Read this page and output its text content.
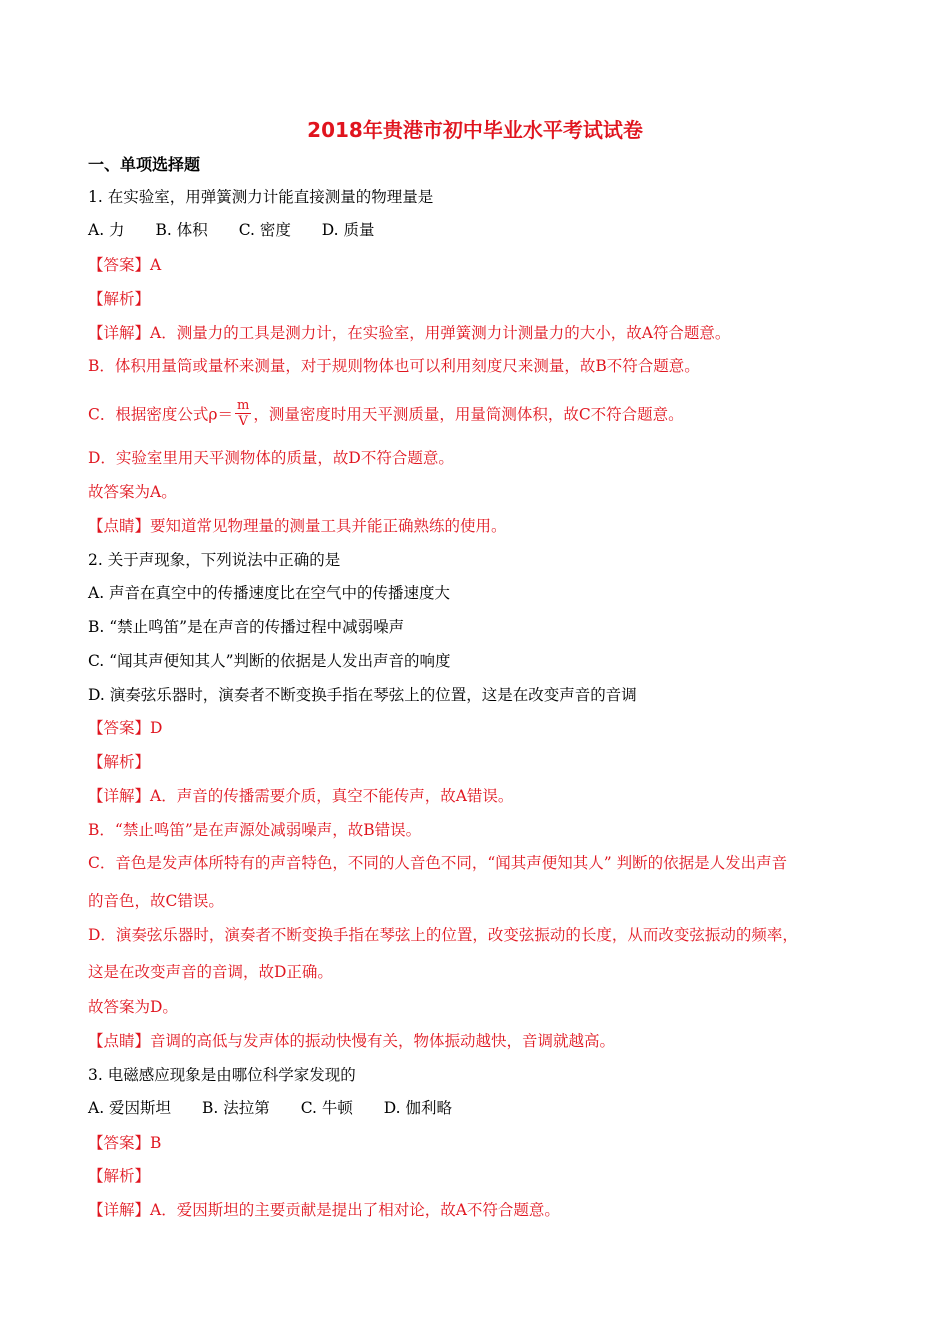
2018年贵港市初中毕业水平考试试卷
一、单项选择题
1. 在实验室，用弹簧测力计能直接测量的物理量是
A. 力 B. 体积 C. 密度 D. 质量
【答案】A
【解析】
【详解】A．测量力的工具是测力计，在实验室，用弹簧测力计测量力的大小，故A符合题意。
B．体积用量筒或量杯来测量，对于规则物体也可以利用刻度尺来测量，故B不符合题意。
C．根据密度公式$\rho= \frac{m}{V}$ ，测量密度时用天平测质量，用量筒测体积，故C不符合题意。
D．实验室里用天平测物体的质量，故D不符合题意。
故答案为A。
【点睛】要知道常见物理量的测量工具并能正确熟练的使用。
2. 关于声现象，下列说法中正确的是
A. 声音在真空中的传播速度比在空气中的传播速度大
B. “禁止鸣笛”是在声音的传播过程中减弱噪声
C. “闻其声便知其人”判断的依据是人发出声音的响度
D. 演奏弦乐器时，演奏者不断变换手指在琴弦上的位置，这是在改变声音的音调
【答案】D
【解析】
【详解】A．声音的传播需要介质，真空不能传声，故A错误。
B．“禁止鸣笛”是在声源处减弱噪声，故B错误。
C．音色是发声体所特有的声音特色，不同的人音色不同，“闻其声便知其人” 判断的依据是人发出声音
的音色，故C错误。
D．演奏弦乐器时，演奏者不断变换手指在琴弦上的位置，改变弦振动的长度，从而改变弦振动的频率，
这是在改变声音的音调，故D正确。
故答案为D。
【点睛】音调的高低与发声体的振动快慢有关，物体振动越快，音调就越高。
3. 电磁感应现象是由哪位科学家发现的
A. 爱因斯坦 B. 法拉第 C. 牛顿 D. 伽利略
【答案】B
【解析】
【详解】A．爱因斯坦的主要贡献是提出了相对论，故A不符合题意。
